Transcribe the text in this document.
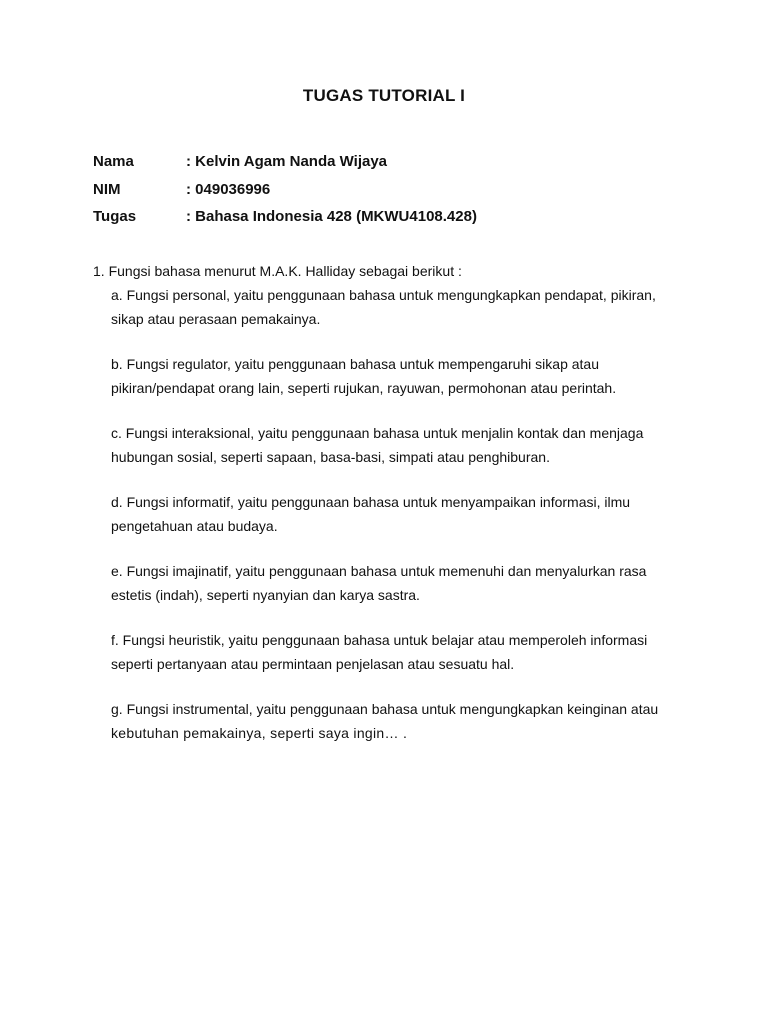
TUGAS TUTORIAL I
Nama	: Kelvin Agam Nanda Wijaya
NIM	: 049036996
Tugas	: Bahasa Indonesia 428 (MKWU4108.428)

1. Fungsi bahasa menurut M.A.K. Halliday sebagai berikut :

a. Fungsi personal, yaitu penggunaan bahasa untuk mengungkapkan pendapat, pikiran,
sikap atau perasaan pemakainya.
b. Fungsi regulator, yaitu penggunaan bahasa untuk mempengaruhi sikap atau
pikiran/pendapat orang lain, seperti rujukan, rayuwan, permohonan atau perintah.
c. Fungsi interaksional, yaitu penggunaan bahasa untuk menjalin kontak dan menjaga
hubungan sosial, seperti sapaan, basa-basi, simpati atau penghiburan.
d. Fungsi informatif, yaitu penggunaan bahasa untuk menyampaikan informasi, ilmu
pengetahuan atau budaya.
e. Fungsi imajinatif, yaitu penggunaan bahasa untuk memenuhi dan menyalurkan rasa
estetis (indah), seperti nyanyian dan karya sastra.
f. Fungsi heuristik, yaitu penggunaan bahasa untuk belajar atau memperoleh informasi
seperti pertanyaan atau permintaan penjelasan atau sesuatu hal.
g. Fungsi instrumental, yaitu penggunaan bahasa untuk mengungkapkan keinginan atau
kebutuhan pemakainya, seperti saya ingin… .
